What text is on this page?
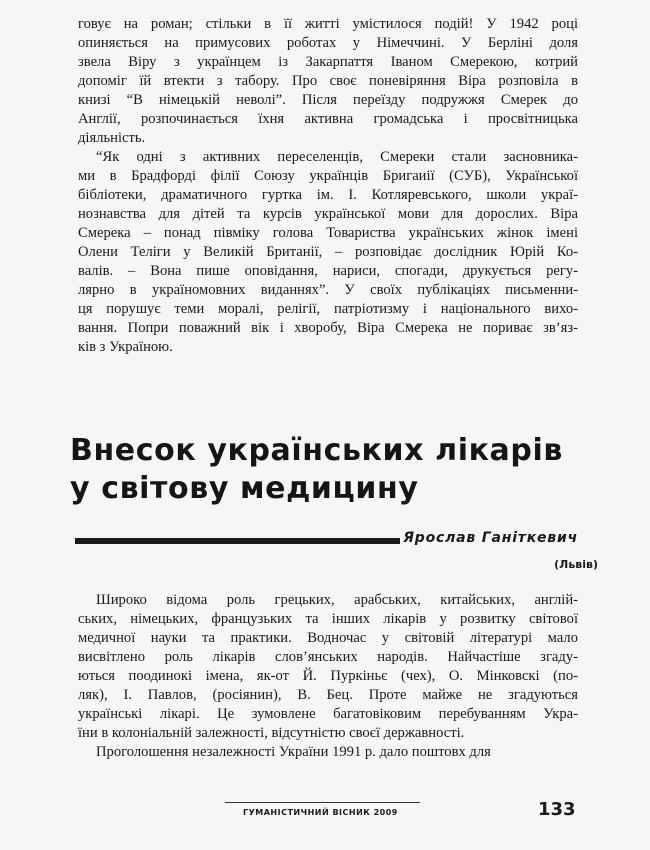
говує на роман; стільки в її житті умістилося подій! У 1942 році
опиняється на примусових роботах у Німеччині. У Берліні доля
звела Віру з українцем із Закарпаття Іваном Смерекою, котрий
допоміг їй втекти з табору. Про своє поневіряння Віра розповіла в
книзі “В німецькій неволі”. Після переїзду подружжя Смерек до
Англії, розпочинається їхня активна громадська і просвітницька
діяльність.
“Як одні з активних переселенців, Смереки стали засновника-
ми в Брадфорді філії Союзу українців Бригаиії (СУБ), Української
бібліотеки, драматичного гуртка ім. І. Котляревського, школи украї-
нознавства для дітей та курсів української мови для дорослих. Віра
Смерека – понад півміку голова Товариства українських жінок імені
Олени Теліги у Великій Британії, – розповідає дослідник Юрій Ко-
валів. – Вона пише оповідання, нариси, спогади, друкується регу-
лярно в україномовних виданнях”. У своїх публікаціях письменни-
ця порушує теми моралі, релігії, патріотизму і національного вихо-
вання. Попри поважний вік і хворобу, Віра Смерека не пориває зв’яз-
ків з Україною.
Внесок українських лікарів
у світову медицину
Ярослав Ганіткевич
(Львів)
Широко відома роль грецьких, арабських, китайських, англій-
ських, німецьких, французьких та інших лікарів у розвитку світової
медичної науки та практики. Водночас у світовій літературі мало
висвітлено роль лікарів слов’янських народів. Найчастіше згаду-
ються поодинокі імена, як-от Й. Пуркіньє (чех), О. Мінковскі (по-
ляк), І. Павлов, (росіянин), В. Бец. Проте майже не згадуються
українські лікарі. Це зумовлене багатовіковим перебуванням Укра-
їни в колоніальній залежності, відсутністю своєї державності.
Проголошення незалежності України 1991 р. дало поштовх для
ГУМАНІСТИЧНИЙ ВІСНИК 2009	133
